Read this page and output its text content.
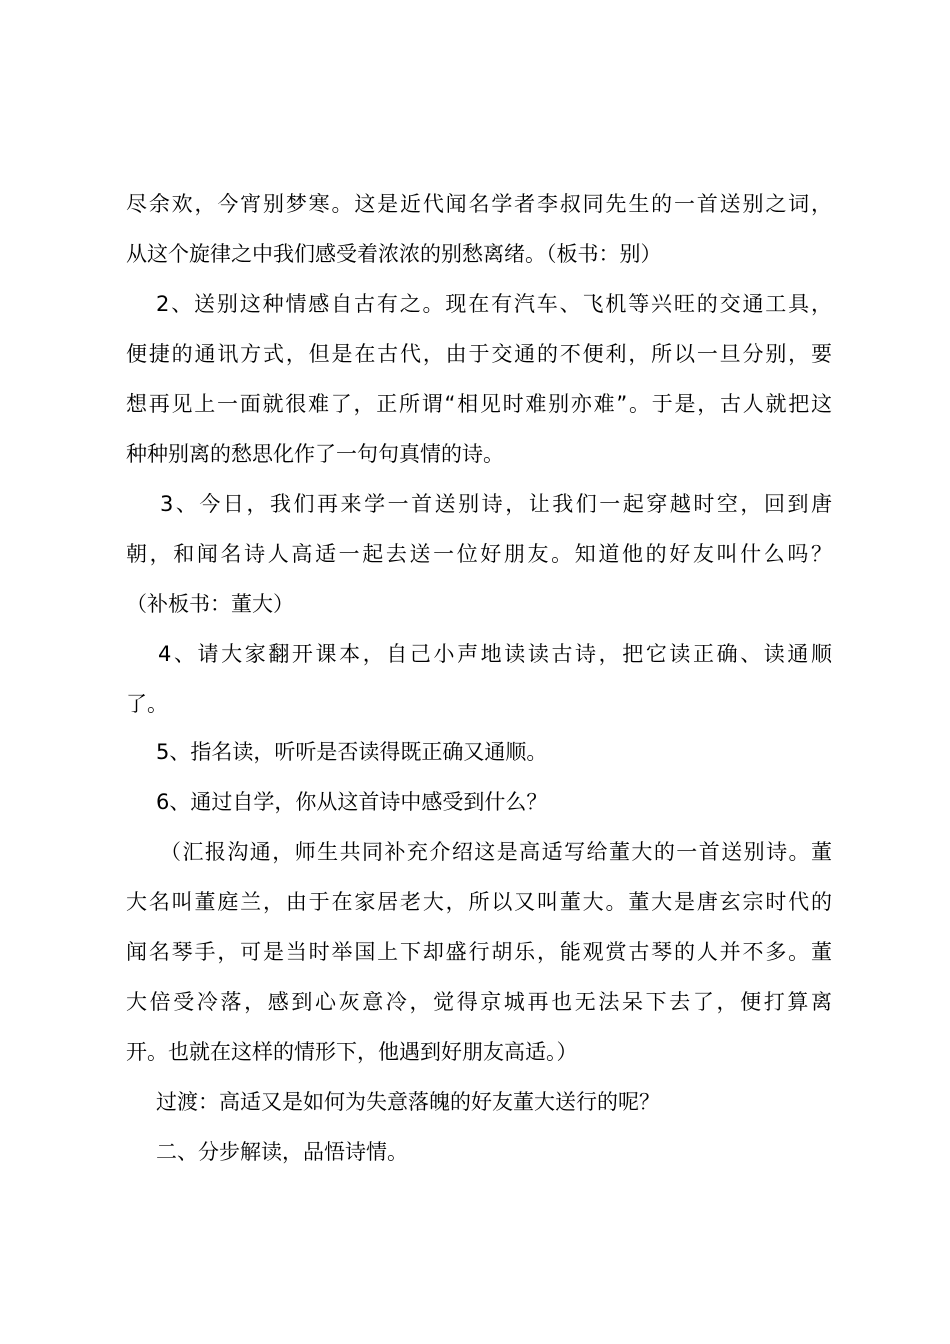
尽余欢，今宵别梦寒。这是近代闻名学者李叔同先生的一首送别之词，
从这个旋律之中我们感受着浓浓的别愁离绪。（板书：别）
2、送别这种情感自古有之。现在有汽车、飞机等兴旺的交通工具，
便捷的通讯方式，但是在古代，由于交通的不便利，所以一旦分别，要
想再见上一面就很难了，正所谓“相见时难别亦难”。于是，古人就把这
种种别离的愁思化作了一句句真情的诗。
3、今日，我们再来学一首送别诗，让我们一起穿越时空，回到唐
朝，和闻名诗人高适一起去送一位好朋友。知道他的好友叫什么吗？
（补板书：董大）
4、请大家翻开课本，自己小声地读读古诗，把它读正确、读通顺
了。
5、指名读，听听是否读得既正确又通顺。
6、通过自学，你从这首诗中感受到什么？
（汇报沟通，师生共同补充介绍这是高适写给董大的一首送别诗。董
大名叫董庭兰，由于在家居老大，所以又叫董大。董大是唐玄宗时代的
闻名琴手，可是当时举国上下却盛行胡乐，能观赏古琴的人并不多。董
大倍受冷落，感到心灰意冷，觉得京城再也无法呆下去了，便打算离
开。也就在这样的情形下，他遇到好朋友高适。）
过渡：高适又是如何为失意落魄的好友董大送行的呢？
二、分步解读，品悟诗情。
